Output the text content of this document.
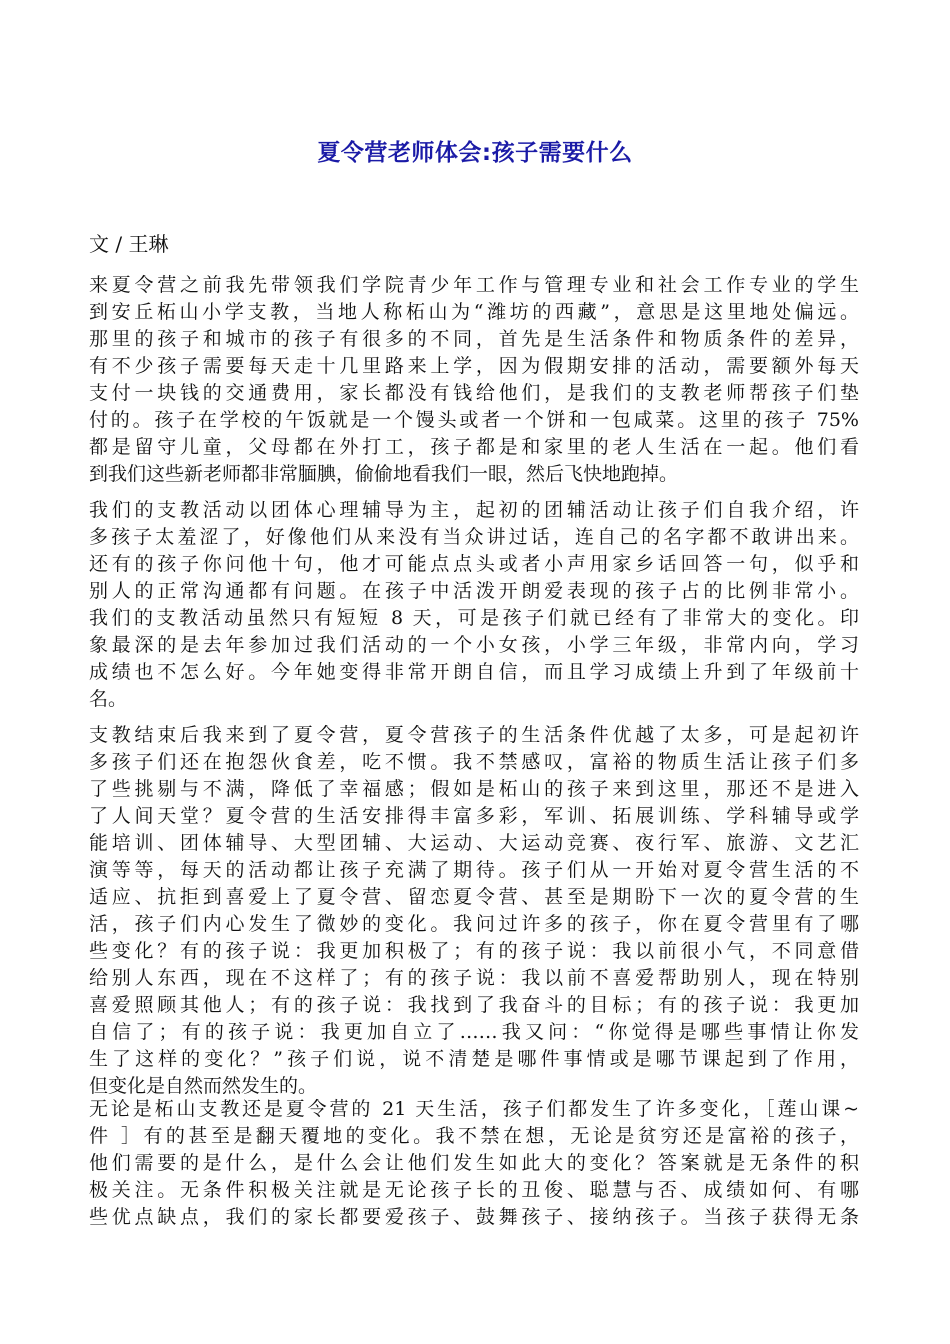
夏令营老师体会:孩子需要什么
文 / 王琳

来夏令营之前我先带领我们学院青少年工作与管理专业和社会工作专业的学生
到安丘柘山小学支教，当地人称柘山为“潍坊的西藏”，意思是这里地处偏远。
那里的孩子和城市的孩子有很多的不同，首先是生活条件和物质条件的差异，
有不少孩子需要每天走十几里路来上学，因为假期安排的活动，需要额外每天
支付一块钱的交通费用，家长都没有钱给他们，是我们的支教老师帮孩子们垫
付的。孩子在学校的午饭就是一个馒头或者一个饼和一包咸菜。这里的孩子 75%
都是留守儿童，父母都在外打工，孩子都是和家里的老人生活在一起。他们看
到我们这些新老师都非常腼腆，偷偷地看我们一眼，然后飞快地跑掉。

我们的支教活动以团体心理辅导为主，起初的团辅活动让孩子们自我介绍，许
多孩子太羞涩了，好像他们从来没有当众讲过话，连自己的名字都不敢讲出来。
还有的孩子你问他十句，他才可能点点头或者小声用家乡话回答一句，似乎和
别人的正常沟通都有问题。在孩子中活泼开朗爱表现的孩子占的比例非常小。
我们的支教活动虽然只有短短 8 天，可是孩子们就已经有了非常大的变化。印
象最深的是去年参加过我们活动的一个小女孩，小学三年级，非常内向，学习
成绩也不怎么好。今年她变得非常开朗自信，而且学习成绩上升到了年级前十
名。

支教结束后我来到了夏令营，夏令营孩子的生活条件优越了太多，可是起初许
多孩子们还在抱怨伙食差，吃不惯。我不禁感叹，富裕的物质生活让孩子们多
了些挑剔与不满，降低了幸福感；假如是柘山的孩子来到这里，那还不是进入
了人间天堂？夏令营的生活安排得丰富多彩，军训、拓展训练、学科辅导或学
能培训、团体辅导、大型团辅、大运动、大运动竞赛、夜行军、旅游、文艺汇
演等等，每天的活动都让孩子充满了期待。孩子们从一开始对夏令营生活的不
适应、抗拒到喜爱上了夏令营、留恋夏令营、甚至是期盼下一次的夏令营的生
活，孩子们内心发生了微妙的变化。我问过许多的孩子，你在夏令营里有了哪
些变化？有的孩子说：我更加积极了；有的孩子说：我以前很小气，不同意借
给别人东西，现在不这样了；有的孩子说：我以前不喜爱帮助别人，现在特别
喜爱照顾其他人；有的孩子说：我找到了我奋斗的目标；有的孩子说：我更加
自信了；有的孩子说：我更加自立了……我又问：“你觉得是哪些事情让你发
生了这样的变化？”孩子们说，说不清楚是哪件事情或是哪节课起到了作用，
但变化是自然而然发生的。

无论是柘山支教还是夏令营的 21 天生活，孩子们都发生了许多变化，［莲山课~
件 ］有的甚至是翻天覆地的变化。我不禁在想，无论是贫穷还是富裕的孩子，
他们需要的是什么，是什么会让他们发生如此大的变化？答案就是无条件的积
极关注。无条件积极关注就是无论孩子长的丑俊、聪慧与否、成绩如何、有哪
些优点缺点，我们的家长都要爱孩子、鼓舞孩子、接纳孩子。当孩子获得无条
